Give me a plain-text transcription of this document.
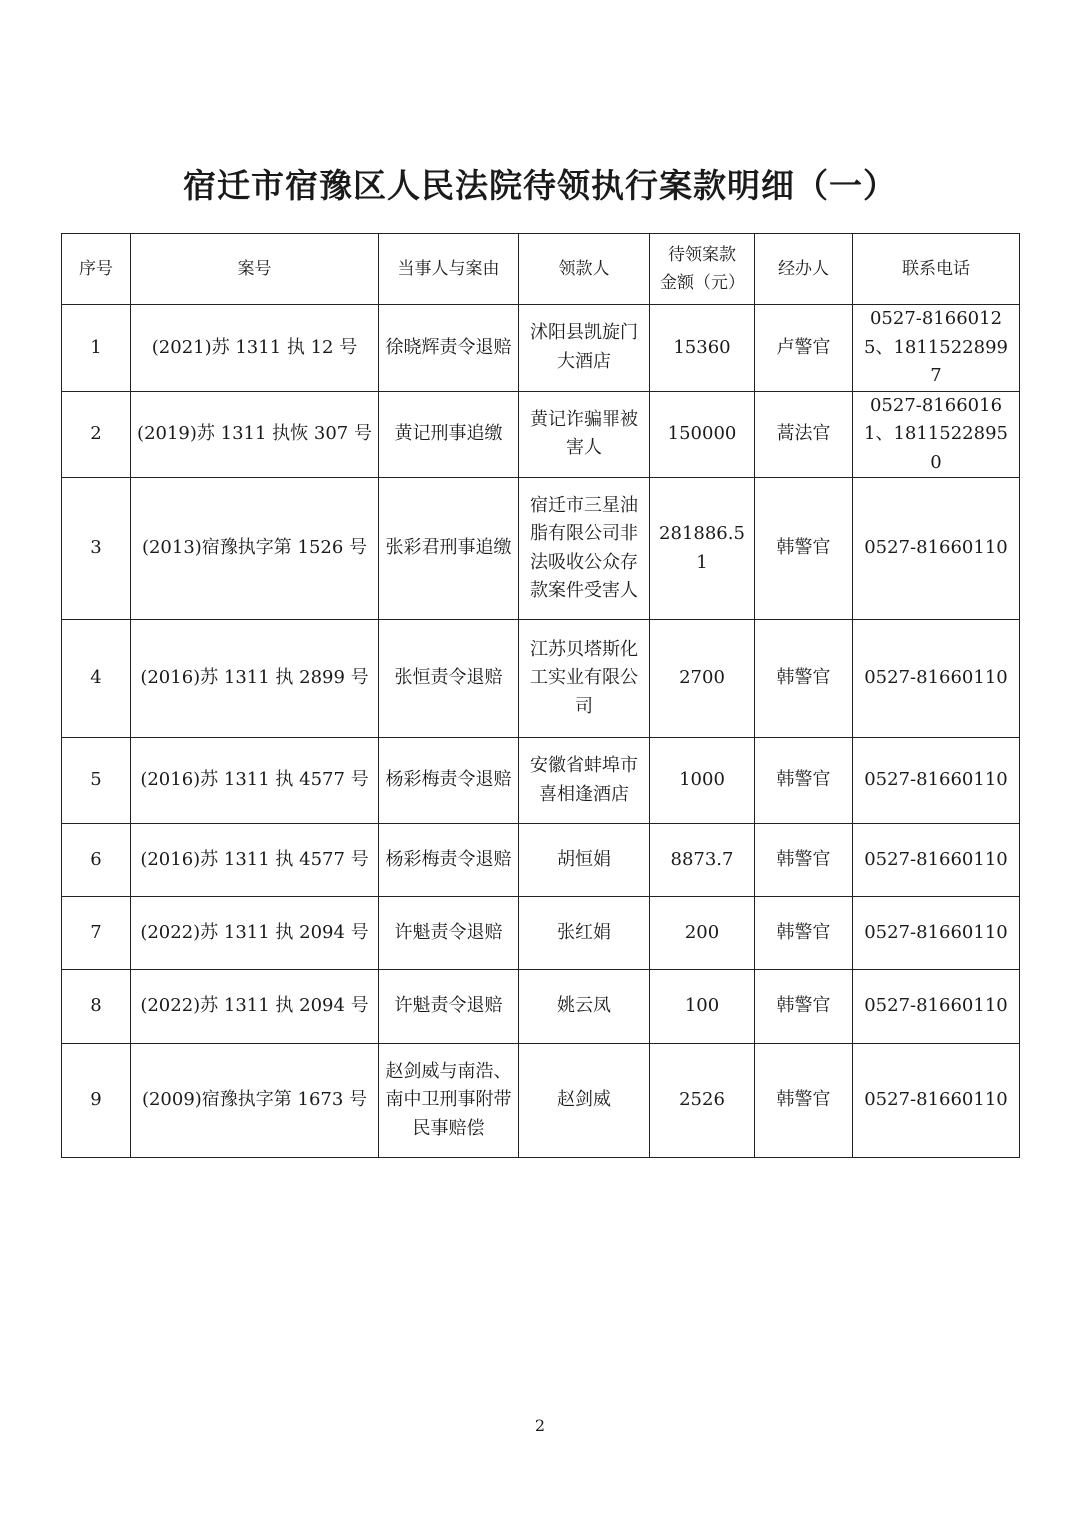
宿迁市宿豫区人民法院待领执行案款明细（一）
序号	案号	当事人与案由	领款人	待领案款金额（元）	经办人	联系电话
1	(2021)苏 1311 执 12 号	徐晓辉责令退赔	沭阳县凯旋门大酒店	15360	卢警官	0527-81660125、18115228997
2	(2019)苏 1311 执恢 307 号	黄记刑事追缴	黄记诈骗罪被害人	150000	蒿法官	0527-81660161、18115228950
3	(2013)宿豫执字第 1526 号	张彩君刑事追缴	宿迁市三星油脂有限公司非法吸收公众存款案件受害人	281886.51	韩警官	0527-81660110
4	(2016)苏 1311 执 2899 号	张恒责令退赔	江苏贝塔斯化工实业有限公司	2700	韩警官	0527-81660110
5	(2016)苏 1311 执 4577 号	杨彩梅责令退赔	安徽省蚌埠市喜相逢酒店	1000	韩警官	0527-81660110
6	(2016)苏 1311 执 4577 号	杨彩梅责令退赔	胡恒娟	8873.7	韩警官	0527-81660110
7	(2022)苏 1311 执 2094 号	许魁责令退赔	张红娟	200	韩警官	0527-81660110
8	(2022)苏 1311 执 2094 号	许魁责令退赔	姚云凤	100	韩警官	0527-81660110
9	(2009)宿豫执字第 1673 号	赵剑威与南浩、南中卫刑事附带民事赔偿	赵剑威	2526	韩警官	0527-81660110
2
